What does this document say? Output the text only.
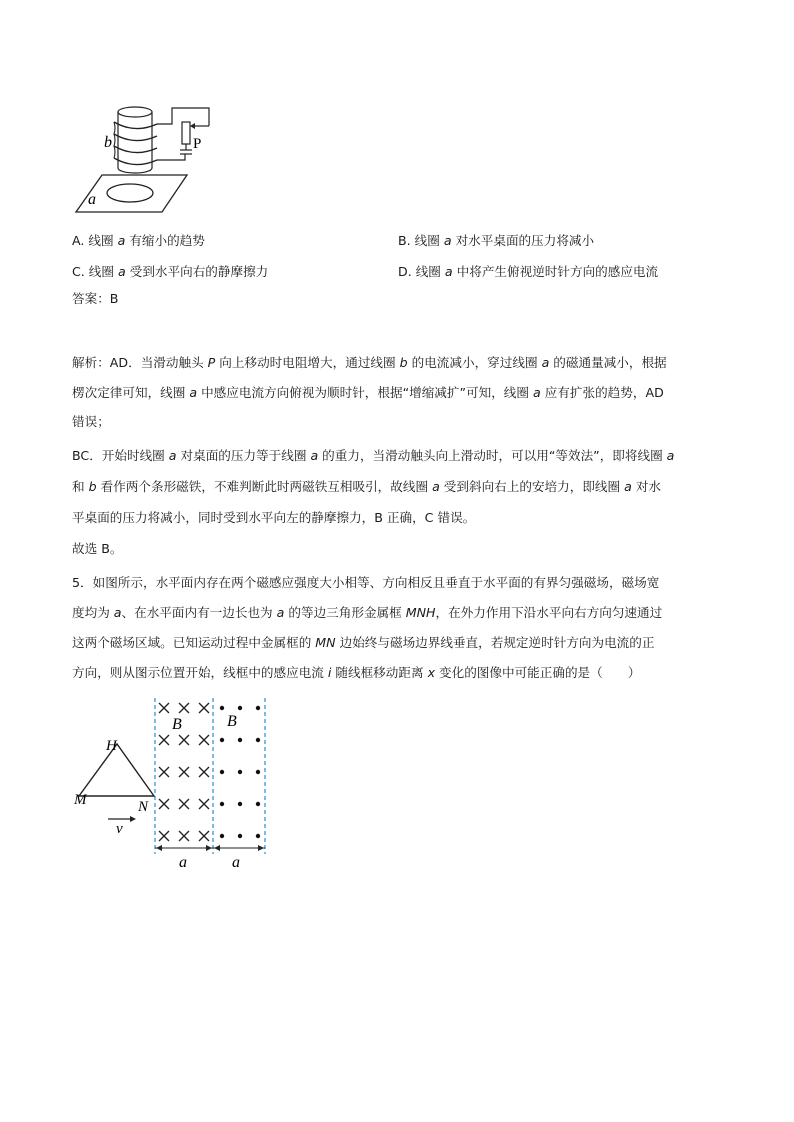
b	P
a
A. 线圈 a 有缩小的趋势	B. 线圈 a 对水平桌面的压力将减小
C. 线圈 a 受到水平向右的静摩擦力	D. 线圈 a 中将产生俯视逆时针方向的感应电流
答案：B
解析：AD．当滑动触头 P 向上移动时电阻增大，通过线圈 b 的电流减小，穿过线圈 a 的磁通量减小，根据
楞次定律可知，线圈 a 中感应电流方向俯视为顺时针，根据“增缩减扩”可知，线圈 a 应有扩张的趋势，AD
错误；
BC．开始时线圈 a 对桌面的压力等于线圈 a 的重力，当滑动触头向上滑动时，可以用“等效法”，即将线圈 a
和 b 看作两个条形磁铁，不难判断此时两磁铁互相吸引，故线圈 a 受到斜向右上的安培力，即线圈 a 对水
平桌面的压力将减小，同时受到水平向左的静摩擦力，B 正确，C 错误。
故选 B。
5．如图所示，水平面内存在两个磁感应强度大小相等、方向相反且垂直于水平面的有界匀强磁场，磁场宽
度均为 a、在水平面内有一边长也为 a 的等边三角形金属框 MNH，在外力作用下沿水平向右方向匀速通过
这两个磁场区域。已知运动过程中金属框的 MN 边始终与磁场边界线垂直，若规定逆时针方向为电流的正
方向，则从图示位置开始，线框中的感应电流 i 随线框移动距离 x 变化的图像中可能正确的是（　　）
B	B
H
M	N
v
a	a
